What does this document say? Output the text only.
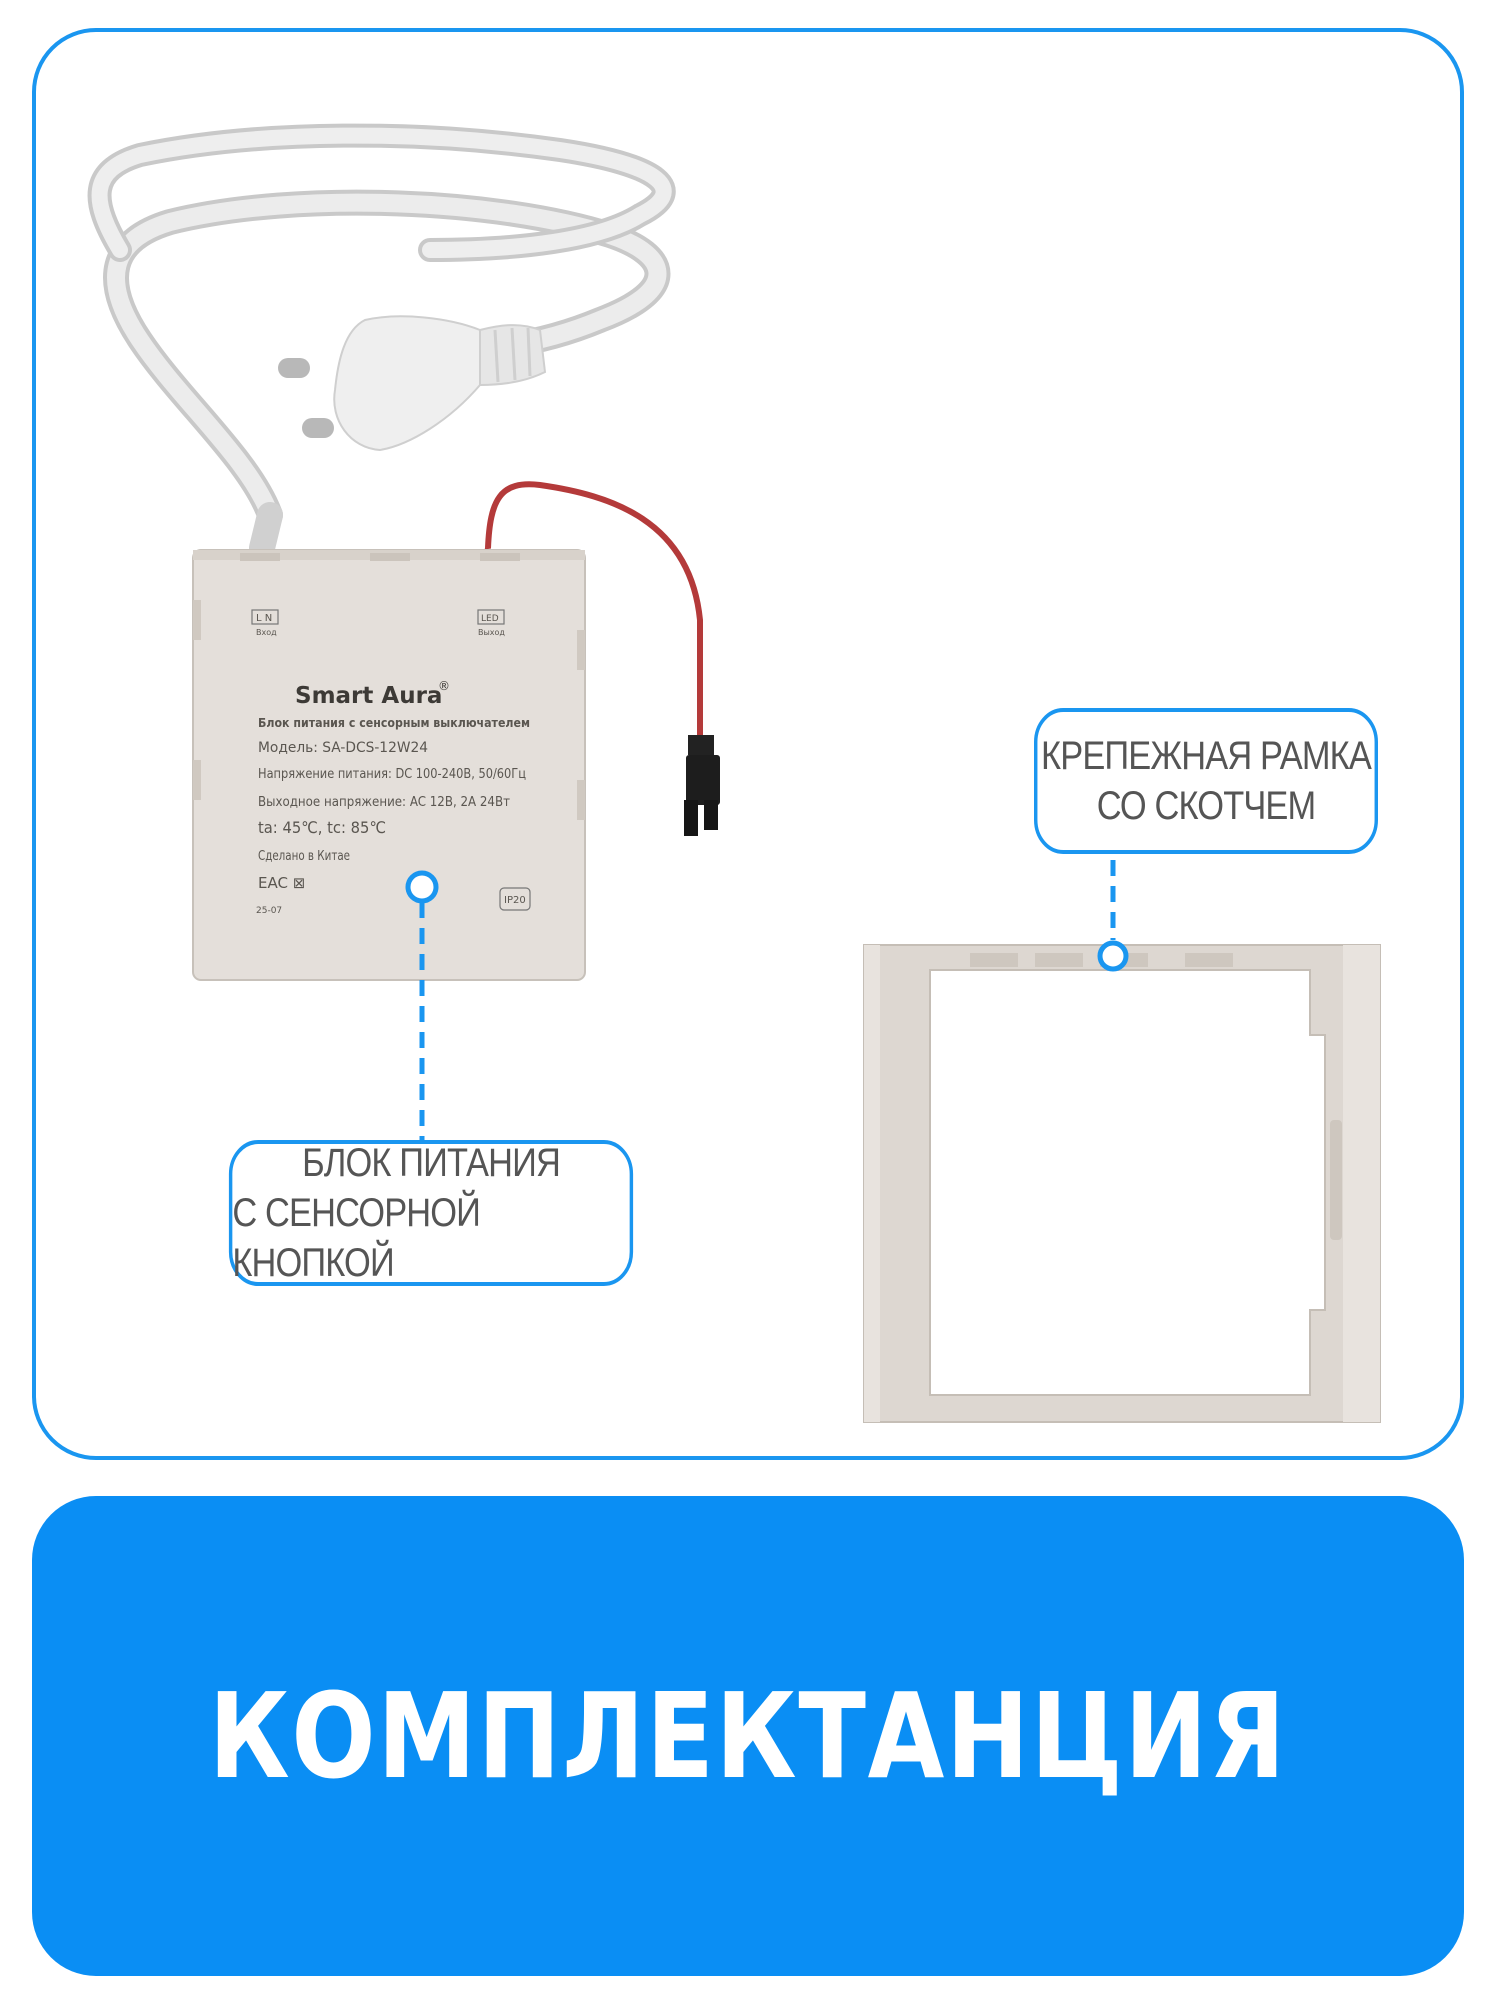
L N
Вход
LED
Выход
Smart Aura
®
Блок питания с сенсорным выключателем
Модель: SA-DCS-12W24
Напряжение питания: DC 100-240В, 50/60Гц
Выходное напряжение: AC 12В, 2А 24Вт
ta: 45℃, tc: 85℃
Сделано в Китае
EAC ⊠
25-07
IP20
БЛОК ПИТАНИЯ
С СЕНСОРНОЙ КНОПКОЙ
КРЕПЕЖНАЯ РАМКА
СО СКОТЧЕМ
КОМПЛЕКТАНЦИЯ
